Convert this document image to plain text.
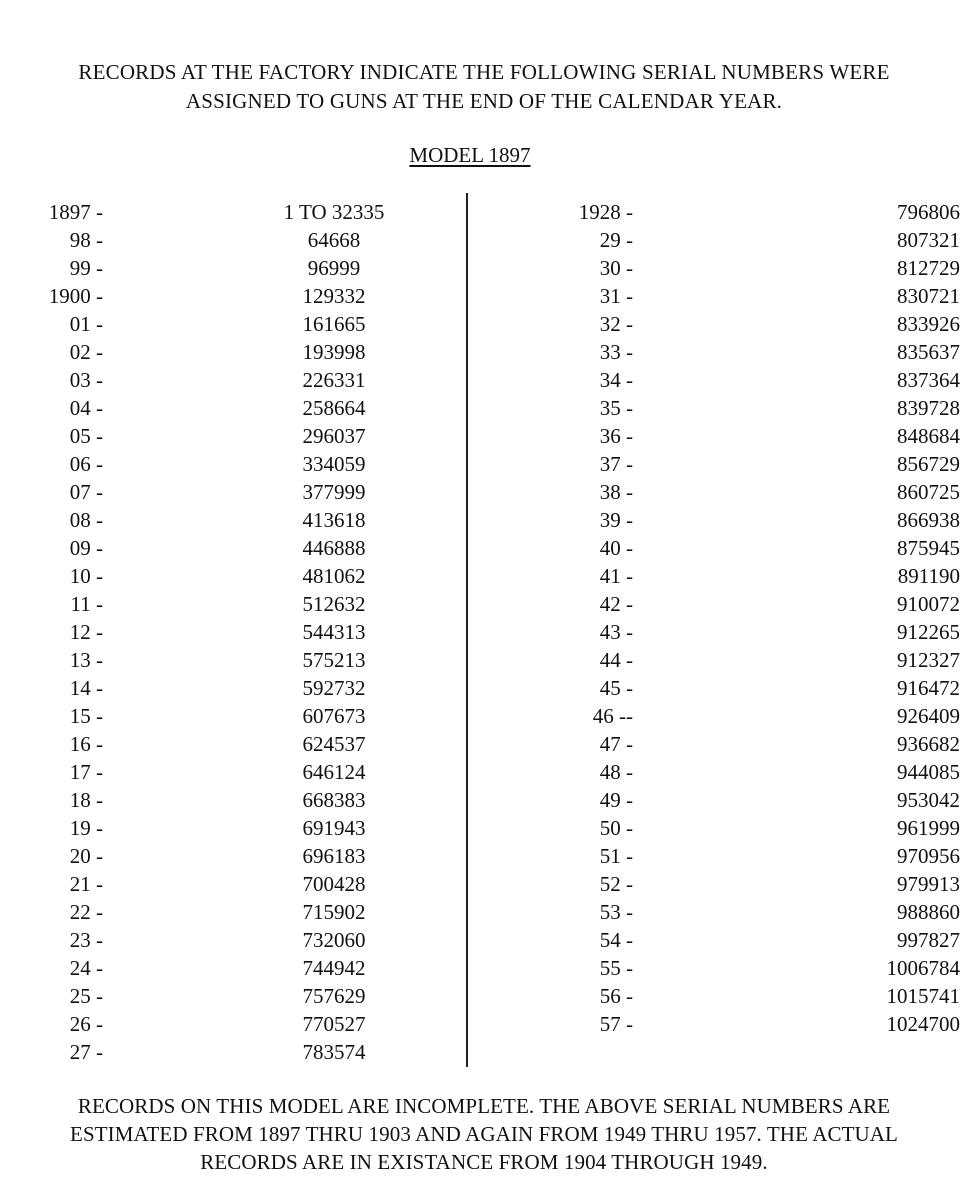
RECORDS AT THE FACTORY INDICATE THE FOLLOWING SERIAL NUMBERS WERE
ASSIGNED TO GUNS AT THE END OF THE CALENDAR YEAR.
MODEL 1897
1897 -	1 TO 32335
98 -	64668
99 -	96999
1900 -	129332
01 -	161665
02 -	193998
03 -	226331
04 -	258664
05 -	296037
06 -	334059
07 -	377999
08 -	413618
09 -	446888
10 -	481062
11 -	512632
12 -	544313
13 -	575213
14 -	592732
15 -	607673
16 -	624537
17 -	646124
18 -	668383
19 -	691943
20 -	696183
21 -	700428
22 -	715902
23 -	732060
24 -	744942
25 -	757629
26 -	770527
27 -	783574
1928 -	796806
29 -	807321
30 -	812729
31 -	830721
32 -	833926
33 -	835637
34 -	837364
35 -	839728
36 -	848684
37 -	856729
38 -	860725
39 -	866938
40 -	875945
41 -	891190
42 -	910072
43 -	912265
44 -	912327
45 -	916472
46 --	926409
47 -	936682
48 -	944085
49 -	953042
50 -	961999
51 -	970956
52 -	979913
53 -	988860
54 -	997827
55 -	1006784
56 -	1015741
57 -	1024700
RECORDS ON THIS MODEL ARE INCOMPLETE. THE ABOVE SERIAL NUMBERS ARE
ESTIMATED FROM 1897 THRU 1903 AND AGAIN FROM 1949 THRU 1957. THE ACTUAL
RECORDS ARE IN EXISTANCE FROM 1904 THROUGH 1949.
